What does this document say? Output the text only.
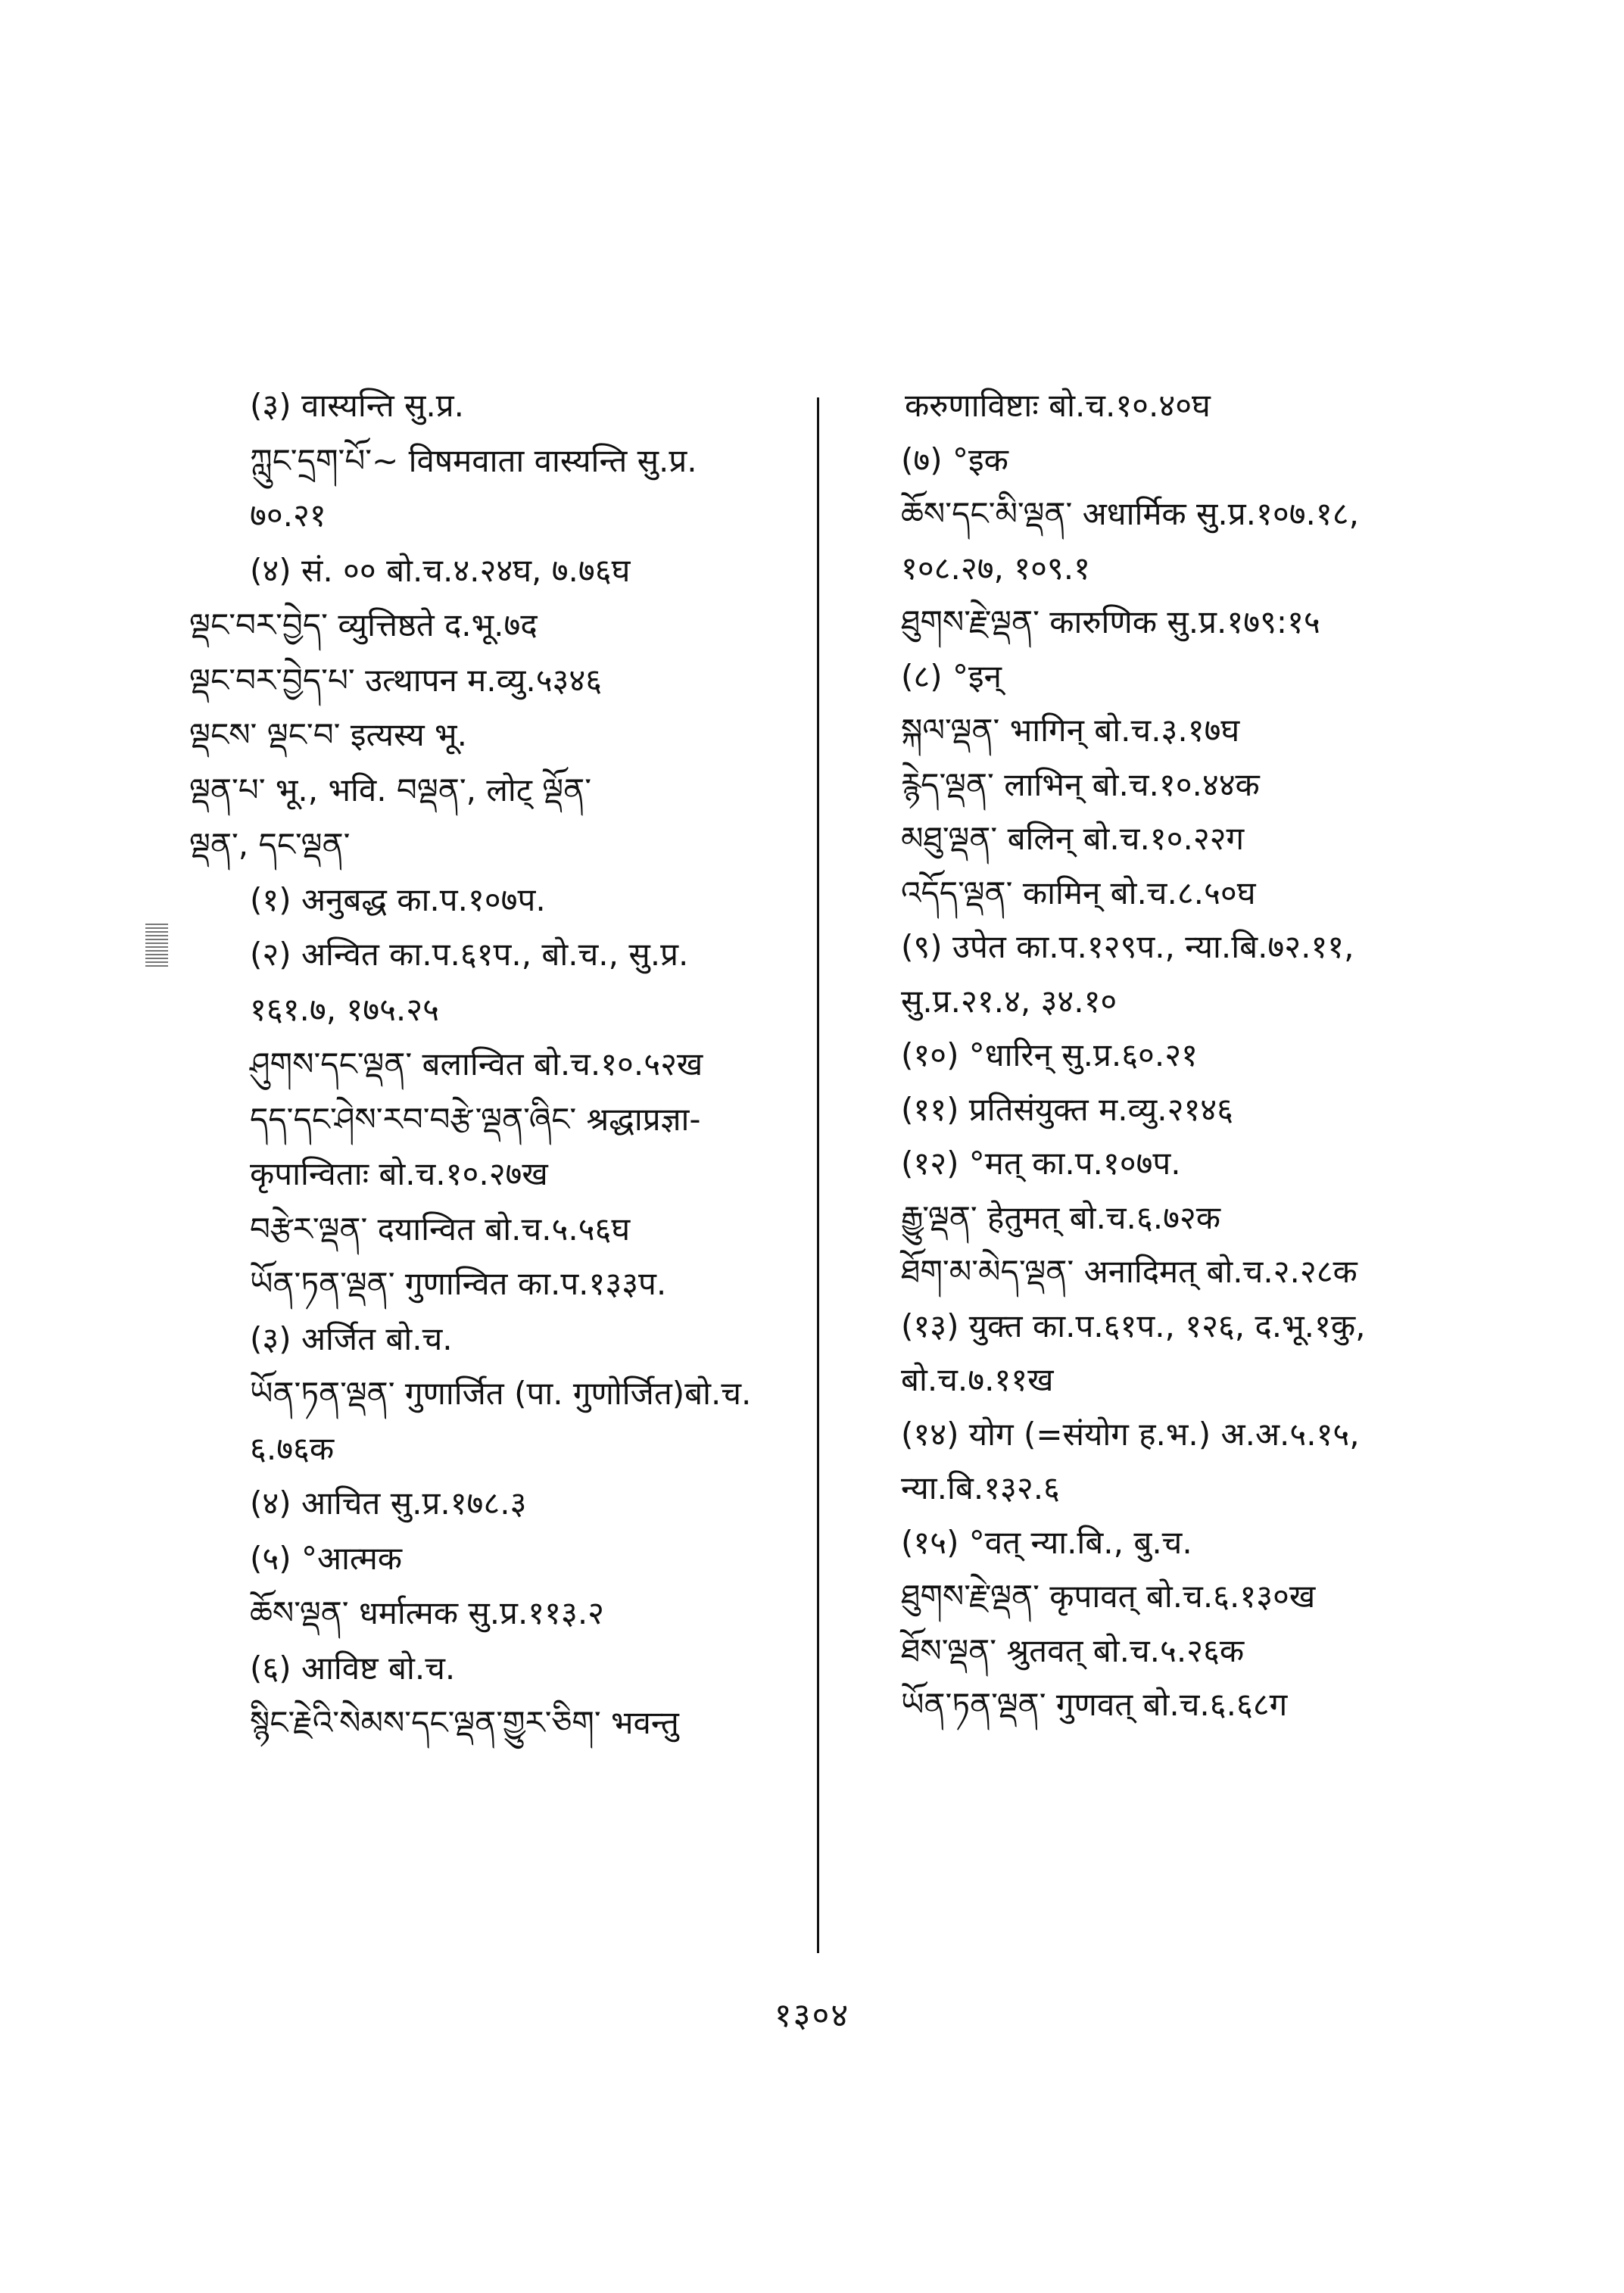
(३) वास्यन्ति सु.प्र.
ཀླུང་དྲག་པོ་~ विषमवाता वास्यन्ति सु.प्र.
७०.२१
(४) सं. ०० बो.च.४.२४घ, ७.७६घ
ལྡང་བར་བྱེད་ व्युत्तिष्ठते द.भू.७द
ལྡང་བར་བྱེད་པ་ उत्थापन म.व्यु.५३४६
ལྡངས་ ལྡང་བ་ इत्यस्य भू.
ལྡན་པ་ भू., भवि. བལྡན་, लोट् ལྡོན་
ལྡན་, དང་ལྡན་
(१) अनुबद्ध का.प.१०७प.
(२) अन्वित का.प.६१प., बो.च., सु.प्र.
१६१.७, १७५.२५
ཤུགས་དང་ལྡན་ बलान्वित बो.च.१०.५२ख
དད་དང་ཤེས་རབ་བརྩེ་ལྡན་ཞིང་ श्रद्धाप्रज्ञा-
कृपान्विताः बो.च.१०.२७ख
བརྩེར་ལྡན་ दयान्वित बो.च.५.५६घ
ཡོན་ཏན་ལྡན་ गुणान्वित का.प.१३३प.
(३) अर्जित बो.च.
ཡོན་ཏན་ལྡན་ गुणार्जित (पा. गुणोर्जित)बो.च.
६.७६क
(४) आचित सु.प्र.१७८.३
(५) °आत्मक
ཆོས་ལྡན་ धर्मात्मक सु.प्र.११३.२
(६) आविष्ट बो.च.
སྙིང་རྗེའི་སེམས་དང་ལྡན་གྱུར་ཅིག་ भवन्तु
करुणाविष्टाः बो.च.१०.४०घ
(७) °इक
ཆོས་དང་མི་ལྡན་ अधार्मिक सु.प्र.१०७.१८,
१०८.२७, १०९.१
ཐུགས་རྗེ་ལྡན་ कारुणिक सु.प्र.१७९:१५
(८) °इन्
སྐལ་ལྡན་ भागिन् बो.च.३.१७घ
རྙེད་ལྡན་ लाभिन् बो.च.१०.४४क
མཐུ་ལྡན་ बलिन् बो.च.१०.२२ग
འདོད་ལྡན་ कामिन् बो.च.८.५०घ
(९) उपेत का.प.१२९प., न्या.बि.७२.११,
सु.प्र.२१.४, ३४.१०
(१०) °धारिन् सु.प्र.६०.२१
(११) प्रतिसंयुक्त म.व्यु.२१४६
(१२) °मत् का.प.१०७प.
རྒྱུ་ལྡན་ हेतुमत् बो.च.६.७२क
ཐོག་མ་མེད་ལྡན་ अनादिमत् बो.च.२.२८क
(१३) युक्त का.प.६१प., १२६, द.भू.१कु,
बो.च.७.११ख
(१४) योग (=संयोग ह.भ.) अ.अ.५.१५,
न्या.बि.१३२.६
(१५) °वत् न्या.बि., बु.च.
ཐུགས་རྗེ་ལྡན་ कृपावत् बो.च.६.१३०ख
ཐོས་ལྡན་ श्रुतवत् बो.च.५.२६क
ཡོན་ཏན་ལྡན་ गुणवत् बो.च.६.६८ग
१३०४
